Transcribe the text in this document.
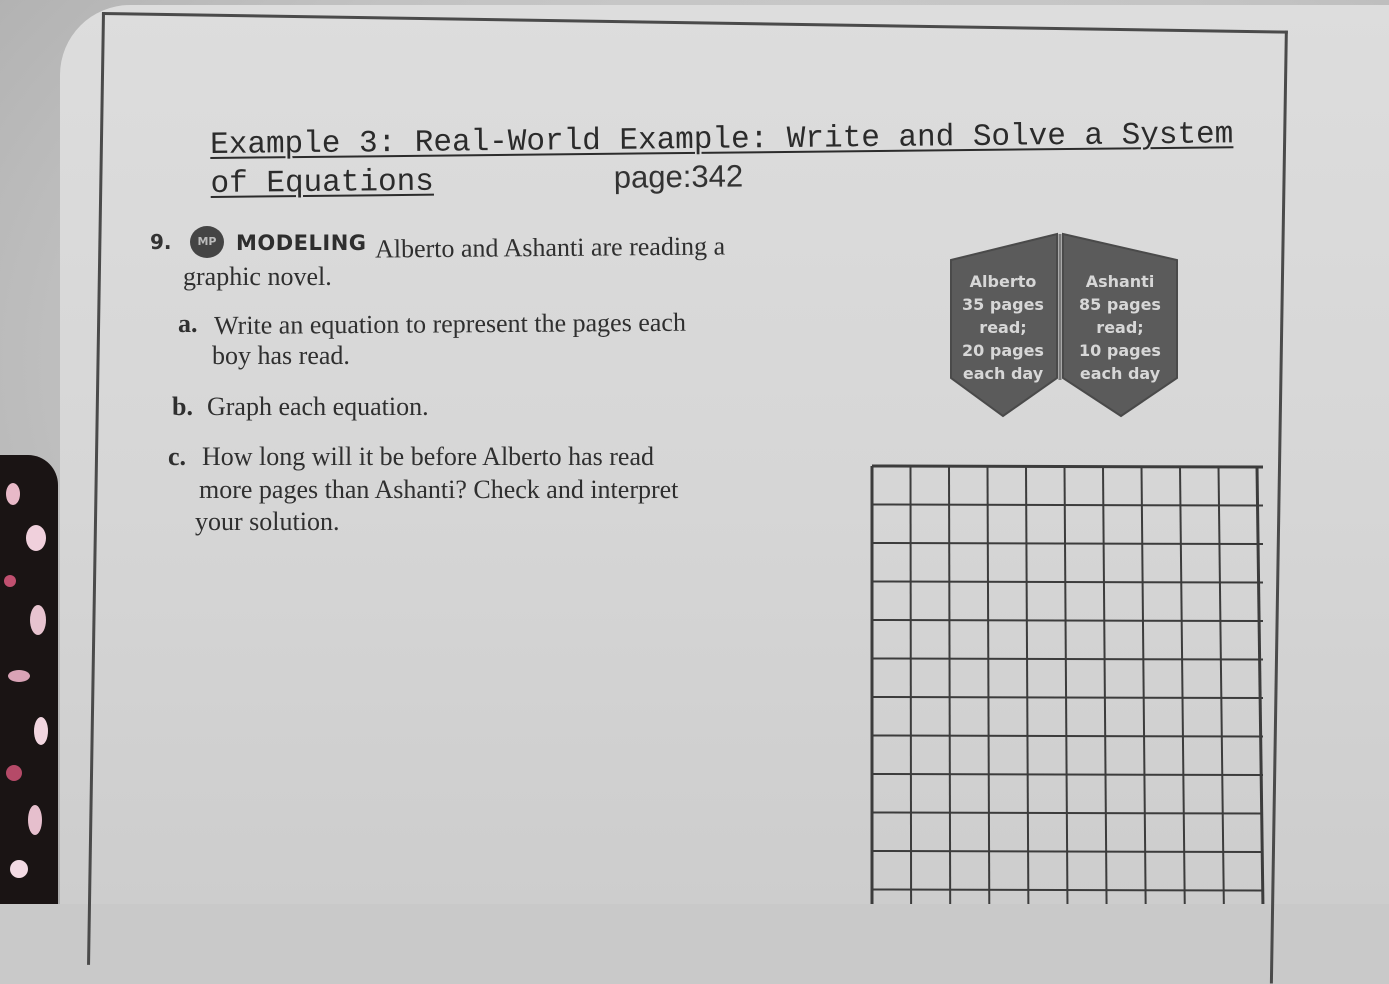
Example 3: Real-World Example: Write and Solve a System
of Equations	page:342
9.	MP MODELING Alberto and Ashanti are reading a
graphic novel.
a. Write an equation to represent the pages each
boy has read.
b. Graph each equation.
c. How long will it be before Alberto has read
more pages than Ashanti? Check and interpret
your solution.
Alberto
35 pages
read;
20 pages
each day
Ashanti
85 pages
read;
10 pages
each day
